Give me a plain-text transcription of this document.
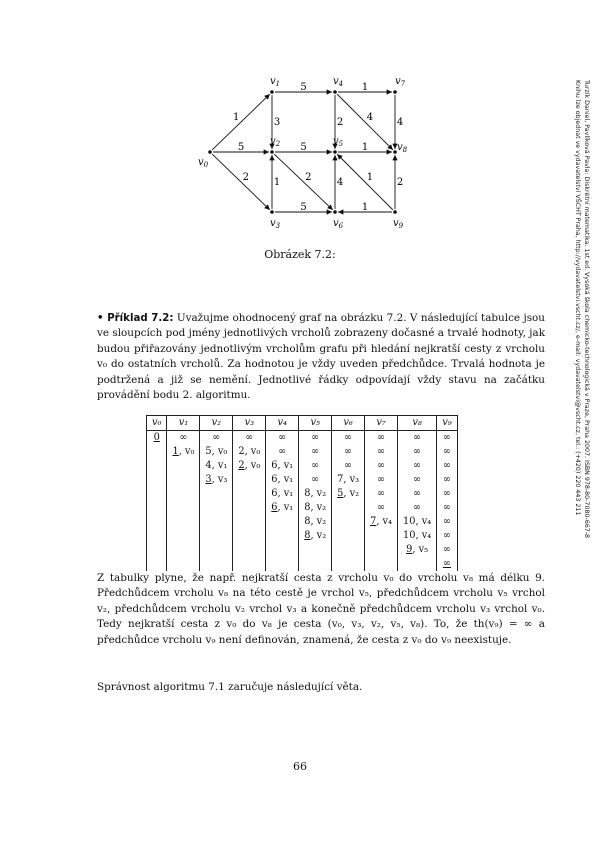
1
5
2
5
3
1
5
2
5
1
2 4
4
1
4
2
1
1
$v_0$
$v_1$
$v_2$
$v_3$
$v_4$
$v_5$
$v_6$
$v_7$
$v_8$
$v_9$
Obrázek 7.2:
• Příklad 7.2: Uvažujme ohodnocený graf na obrázku 7.2. V následující tabulce jsou ve sloupcích pod jmény jednotlivých vrcholů zobrazeny dočasné a trvalé hodnoty, jak budou přiřazovány jednotlivým vrcholům grafu při hledání nejkratší cesty z vrcholu v₀ do ostatních vrcholů. Za hodnotou je vždy uveden předchůdce. Trvalá hodnota je podtržená a již se nemění. Jednotlivé řádky odpovídají vždy stavu na začátku provádění bodu 2. algoritmu.
v₀	v₁	v₂	v₃	v₄	v₅	v₆	v₇	v₈	v₉
0	∞	∞	∞	∞	∞	∞	∞	∞	∞
	1, v₀	5, v₀	2, v₀	∞	∞	∞	∞	∞	∞
		4, v₁	2, v₀	6, v₁	∞	∞	∞	∞	∞
		3, v₃		6, v₁	∞	7, v₃	∞	∞	∞
				6, v₁	8, v₂	5, v₂	∞	∞	∞
				6, v₁	8, v₂		∞	∞	∞
					8, v₂		7, v₄	10, v₄	∞
					8, v₂			10, v₄	∞
								9, v₅	∞
									∞
Z tabulky plyne, že např. nejkratší cesta z vrcholu v₀ do vrcholu v₈ má délku 9. Předchůdcem vrcholu v₈ na této cestě je vrchol v₅, předchůdcem vrcholu v₅ vrchol v₂, předchůdcem vrcholu v₂ vrchol v₃ a konečně předchůdcem vrcholu v₃ vrchol v₀. Tedy nejkratší cesta z v₀ do v₈ je cesta (v₀, v₃, v₂, v₅, v₈). To, že th(v₉) = ∞ a předchůdce vrcholu v₉ není definován, znamená, že cesta z v₀ do v₉ neexistuje.
Správnost algoritmu 7.1 zaručuje následující věta.
66
Turzík Daniel, Pavlíková Pavla: Diskrétní matematika. 1st ed. Vysoká škola chemicko-technologická v Praze, Praha 2007. ISBN 978-80-7080-667-8
Knihu lze objednat ve vydavatelství VŠCHT Praha, http://vydavatelstvi.vscht.cz/, e-mail: vydavatelstvi@vscht.cz, tel.: (+420) 220 443 211
